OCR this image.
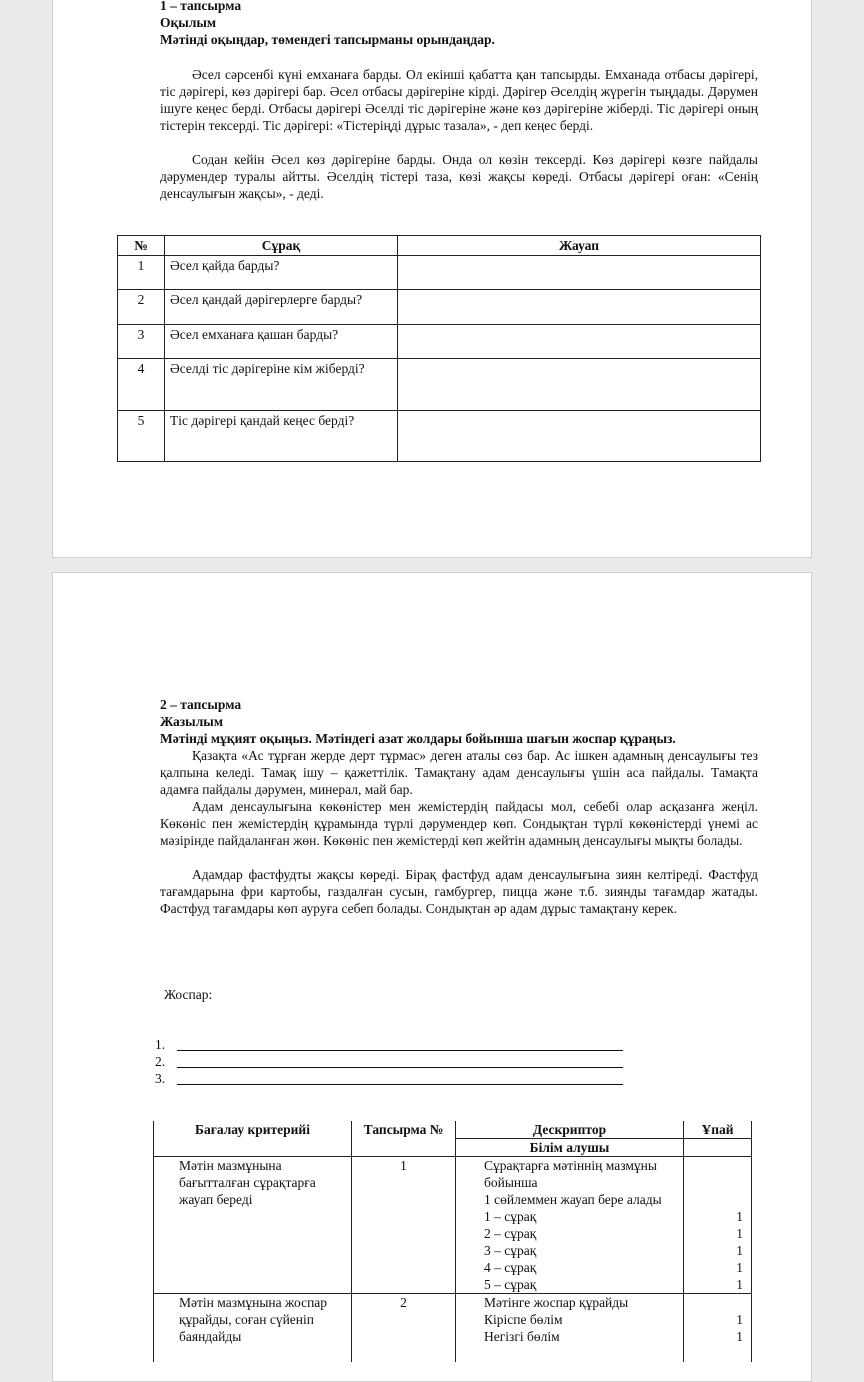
1 – тапсырма
Оқылым
Мәтінді оқыңдар, төмендегі тапсырманы орындаңдар.
Әсел сәрсенбі күні емханаға барды. Ол екінші қабатта қан тапсырды. Емханада отбасы дәрігері, тіс дәрігері, көз дәрігері бар. Әсел отбасы дәрігеріне кірді. Дәрігер Әселдің жүрегін тыңдады. Дәрумен ішуге кеңес берді. Отбасы дәрігері Әселді тіс дәрігеріне және көз дәрігеріне жіберді. Тіс дәрігері оның тістерін тексерді. Тіс дәрігері: «Тістеріңді дұрыс тазала», - деп кеңес берді.
Содан кейін Әсел көз дәрігеріне барды. Онда ол көзін тексерді. Көз дәрігері көзге пайдалы дәрумендер туралы айтты. Әселдің тістері таза, көзі жақсы көреді. Отбасы дәрігері оған: «Сенің денсаулығын жақсы», - деді.
№	Сұрақ	Жауап
1	Әсел қайда барды?	
2	Әсел қандай дәрігерлерге барды?	
3	Әсел емханаға қашан барды?	
4	Әселді тіс дәрігеріне кім жіберді?	
5	Тіс дәрігері қандай кеңес берді?	
2 – тапсырма
Жазылым
Мәтінді мұқият оқыңыз. Мәтіндегі азат жолдары бойынша шағын жоспар құраңыз.
Қазақта «Ас тұрған жерде дерт тұрмас» деген аталы сөз бар. Ас ішкен адамның денсаулығы тез қалпына келеді. Тамақ ішу – қажеттілік. Тамақтану адам денсаулығы үшін аса пайдалы. Тамақта адамға пайдалы дәрумен, минерал, май бар.
Адам денсаулығына көкөністер мен жемістердің пайдасы мол, себебі олар асқазанға жеңіл. Көкөніс пен жемістердің құрамында түрлі дәрумендер көп. Сондықтан түрлі көкөністерді үнемі ас мәзірінде пайдаланған жөн. Көкөніс пен жемістерді көп жейтін адамның денсаулығы мықты болады.
Адамдар фастфудты жақсы көреді. Бірақ фастфуд адам денсаулығына зиян келтіреді. Фастфуд тағамдарына фри картобы, газдалған сусын, гамбургер, пицца және т.б. зиянды тағамдар жатады. Фастфуд тағамдары көп ауруға себеп болады. Сондықтан әр адам дұрыс тамақтану керек.
Жоспар:
1.
2.
3.
Бағалау критерийі	Тапсырма №	Дескриптор	Ұпай
		Білім алушы	
Мәтін мазмұнына бағытталған сұрақтарға жауап береді	1	Сұрақтарға мәтіннің мазмұны бойынша	
		1 сөйлеммен жауап бере алады	
		1 – сұрақ	1
		2 – сұрақ	1
		3 – сұрақ	1
		4 – сұрақ	1
		5 – сұрақ	1

Мәтін мазмұнына жоспар құрайды, соған сүйеніп баяндайды	2	Мәтінге жоспар құрайды	
		Кіріспе бөлім	1
		Негізгі бөлім	1
